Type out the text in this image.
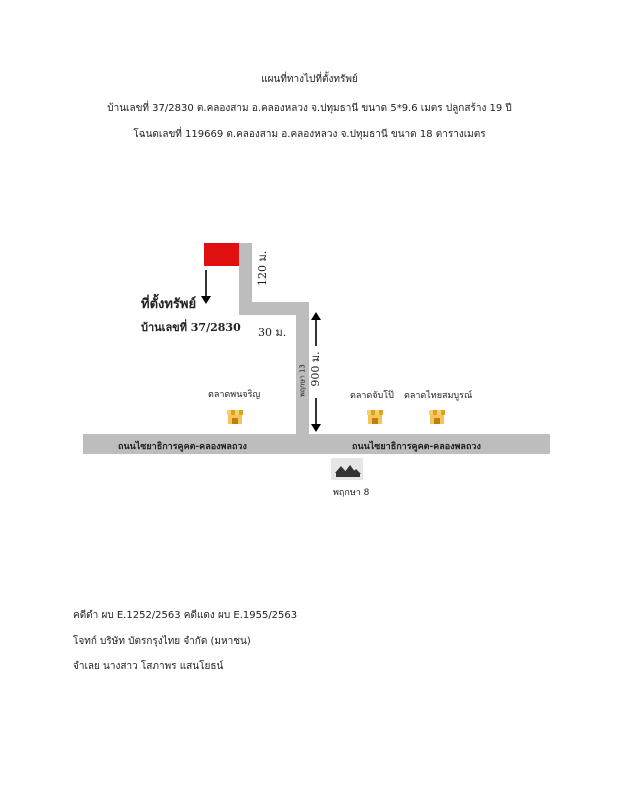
แผนที่ทางไปที่ตั้งทรัพย์
บ้านเลขที่ 37/2830 ต.คลองสาม อ.คลองหลวง จ.ปทุมธานี ขนาด 5*9.6 เมตร ปลูกสร้าง 19 ปี
โฉนดเลขที่ 119669 ต.คลองสาม อ.คลองหลวง จ.ปทุมธานี ขนาด 18 ตารางเมตร
ที่ตั้งทรัพย์
บ้านเลขที่ 37/2830
120 ม.
30 ม.
900 ม.
พฤกษา 13
ตลาดพนจริญ	ตลาดจับโป๊ ตลาดไทยสมบูรณ์
ถนนไซยาธิการคูคต-คลองพลถวง	ถนนไซยาธิการคูคต-คลองพลถวง
พฤกษา 8
คดีดำ ผบ E.1252/2563 คดีแดง ผบ E.1955/2563
โจทก์ บริษัท บัตรกรุงไทย จำกัด (มหาชน)
จำเลย นางสาว โสภาพร แสนโยธน์
